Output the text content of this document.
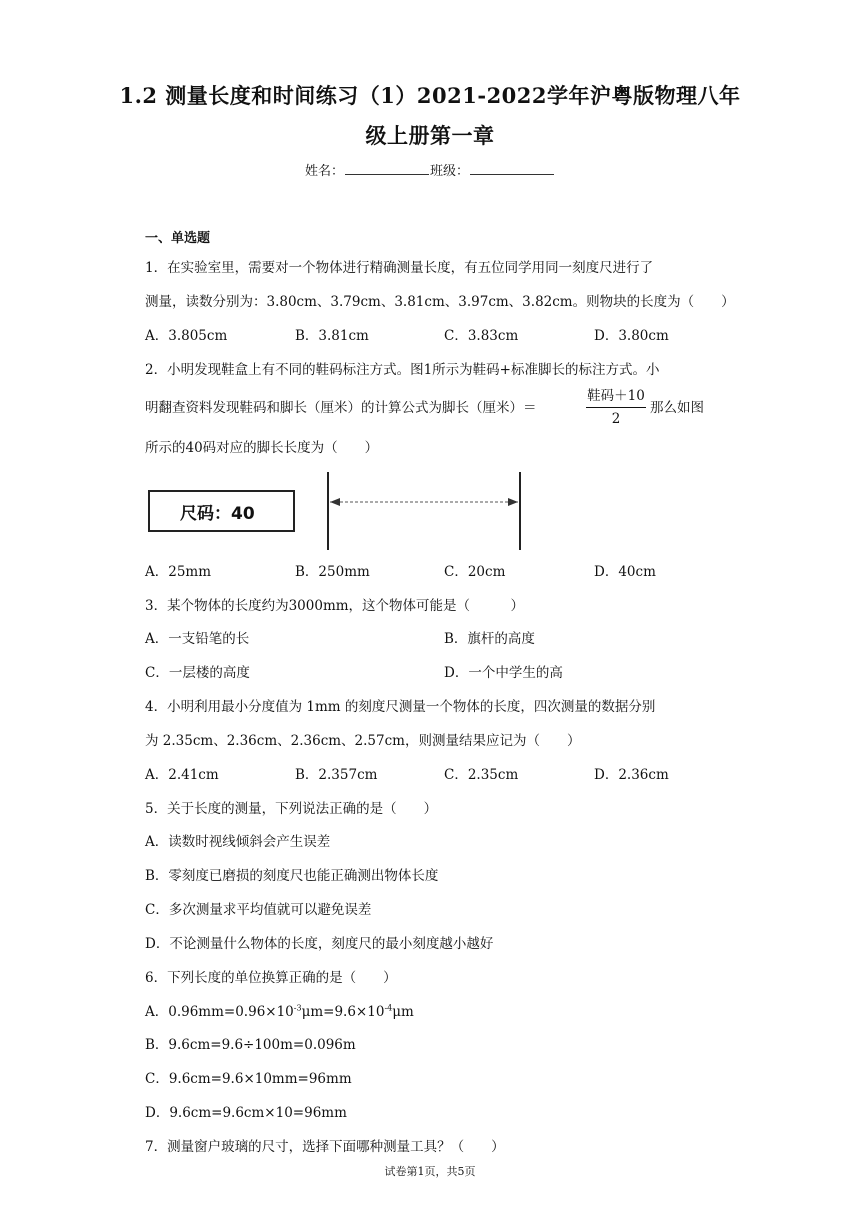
1.2 测量长度和时间练习（1）2021-2022学年沪粤版物理八年
级上册第一章
姓名：	班级：
一、单选题
1．在实验室里，需要对一个物体进行精确测量长度，有五位同学用同一刻度尺进行了
测量，读数分别为：3.80cm、3.79cm、3.81cm、3.97cm、3.82cm。则物块的长度为（　　）
A．3.805cm	B．3.81cm	C．3.83cm	D．3.80cm
2．小明发现鞋盒上有不同的鞋码标注方式。图1所示为鞋码+标准脚长的标注方式。小
明翻查资料发现鞋码和脚长（厘米）的计算公式为脚长（厘米）＝
鞋码＋10
2
那么如图
所示的40码对应的脚长长度为（　　）
尺码：40
A．25mm	B．250mm	C．20cm	D．40cm
3．某个物体的长度约为3000mm，这个物体可能是（　　　）
A．一支铅笔的长	B．旗杆的高度
C．一层楼的高度	D．一个中学生的高
4．小明利用最小分度值为 1mm 的刻度尺测量一个物体的长度，四次测量的数据分别
为 2.35cm、2.36cm、2.36cm、2.57cm，则测量结果应记为（　　）
A．2.41cm	B．2.357cm	C．2.35cm	D．2.36cm
5．关于长度的测量，下列说法正确的是（　　）
A．读数时视线倾斜会产生误差
B．零刻度已磨损的刻度尺也能正确测出物体长度
C．多次测量求平均值就可以避免误差
D．不论测量什么物体的长度，刻度尺的最小刻度越小越好
6．下列长度的单位换算正确的是（　　）
A．$0.96mm=0.96\times 10^{-3}\mu m=9.6\times 10^{-4}\mu m$
B．9.6cm=9.6÷100m=0.096m
C．9.6cm=9.6×10mm=96mm
D．9.6cm=9.6cm×10=96mm
7．测量窗户玻璃的尺寸，选择下面哪种测量工具？（　　）
试卷第1页，共5页
